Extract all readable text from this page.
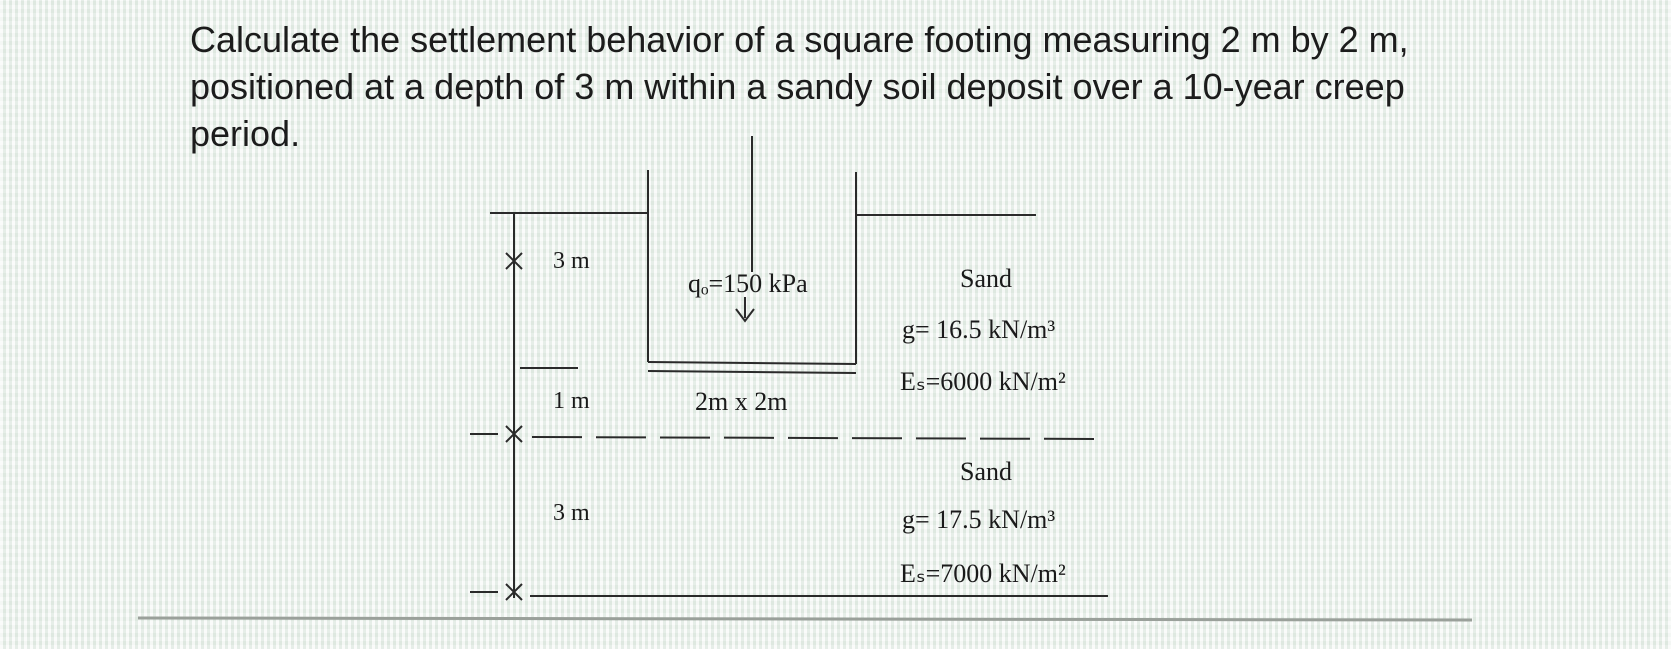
Calculate the settlement behavior of a square footing measuring 2 m by 2 m, positioned at a depth of 3 m within a sandy soil deposit over a 10-year creep period.

3 m
1 m
3 m
qₒ=150 kPa
2m x 2m
Sand
g= 16.5 kN/m³
Eₛ=6000 kN/m²
Sand
g= 17.5 kN/m³
Eₛ=7000 kN/m²
